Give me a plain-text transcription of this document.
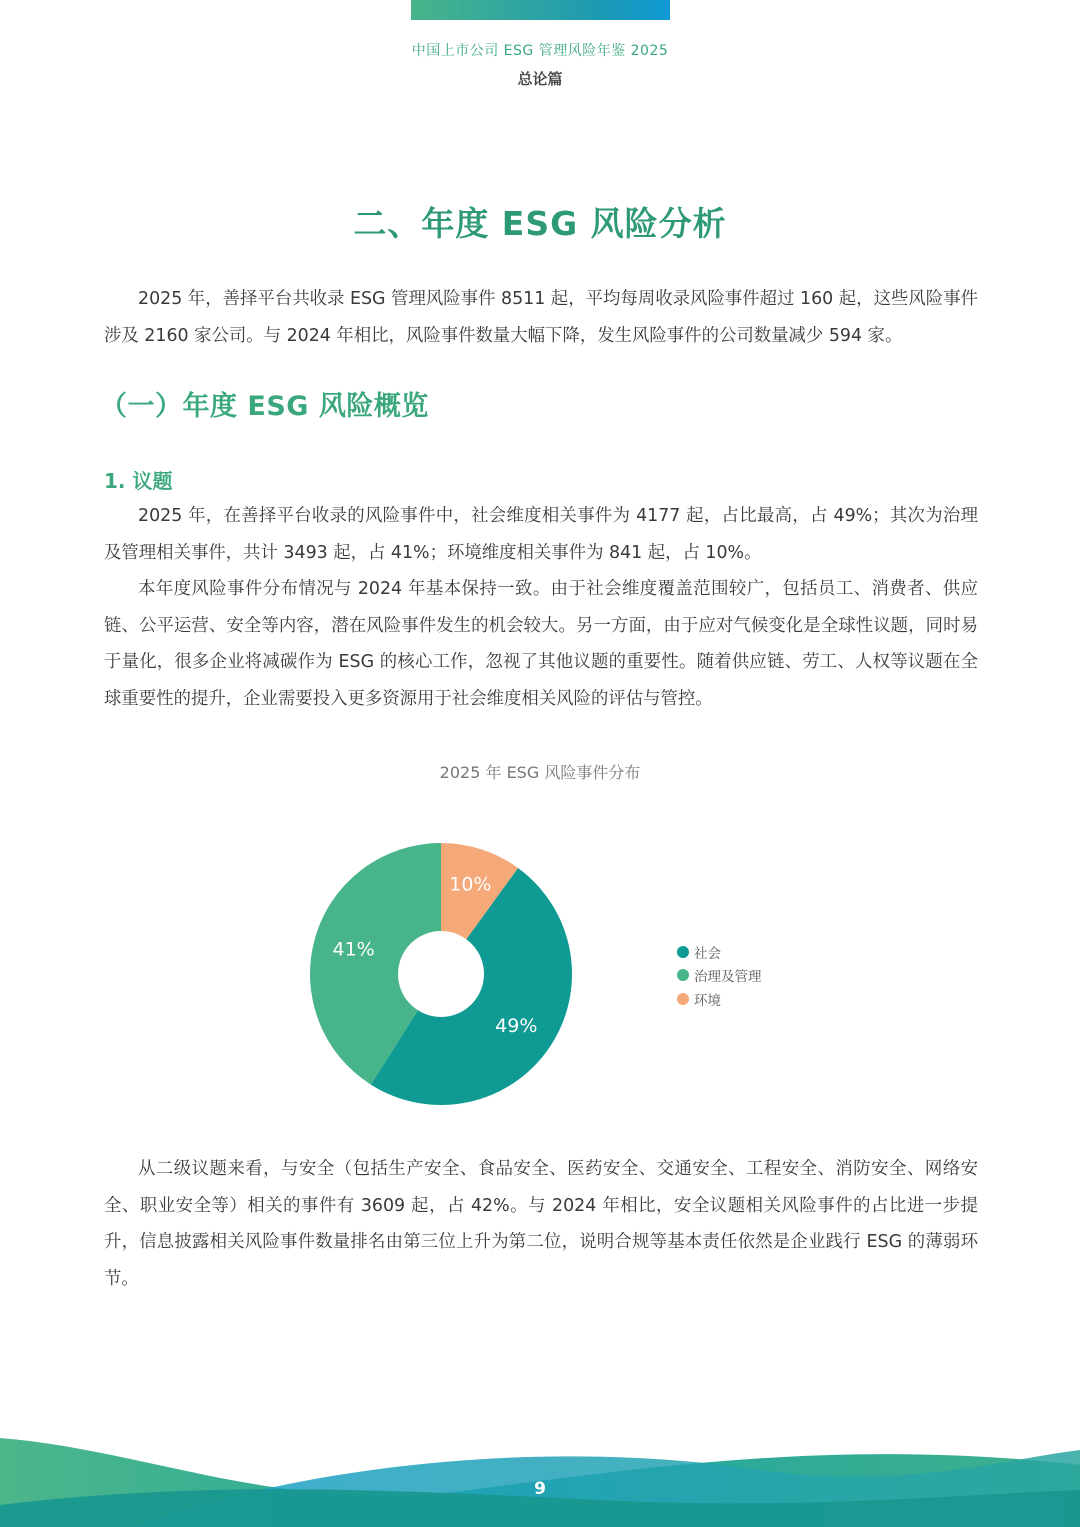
中国上市公司 ESG 管理风险年鉴 2025
总论篇
二、年度 ESG 风险分析

2025 年，善择平台共收录 ESG 管理风险事件 8511 起，平均每周收录风险事件超过 160 起，这些风险事件涉及 2160 家公司。与 2024 年相比，风险事件数量大幅下降，发生风险事件的公司数量减少 594 家。

（一）年度 ESG 风险概览
1. 议题

2025 年，在善择平台收录的风险事件中，社会维度相关事件为 4177 起，占比最高，占 49%；其次为治理及管理相关事件，共计 3493 起，占 41%；环境维度相关事件为 841 起，占 10%。

本年度风险事件分布情况与 2024 年基本保持一致。由于社会维度覆盖范围较广，包括员工、消费者、供应链、公平运营、安全等内容，潜在风险事件发生的机会较大。另一方面，由于应对气候变化是全球性议题，同时易于量化，很多企业将减碳作为 ESG 的核心工作，忽视了其他议题的重要性。随着供应链、劳工、人权等议题在全球重要性的提升，企业需要投入更多资源用于社会维度相关风险的评估与管控。

2025 年 ESG 风险事件分布
49%
41%
10%
社会
治理及管理
环境

从二级议题来看，与安全（包括生产安全、食品安全、医药安全、交通安全、工程安全、消防安全、网络安全、职业安全等）相关的事件有 3609 起，占 42%。与 2024 年相比，安全议题相关风险事件的占比进一步提升，信息披露相关风险事件数量排名由第三位上升为第二位，说明合规等基本责任依然是企业践行 ESG 的薄弱环节。

9
